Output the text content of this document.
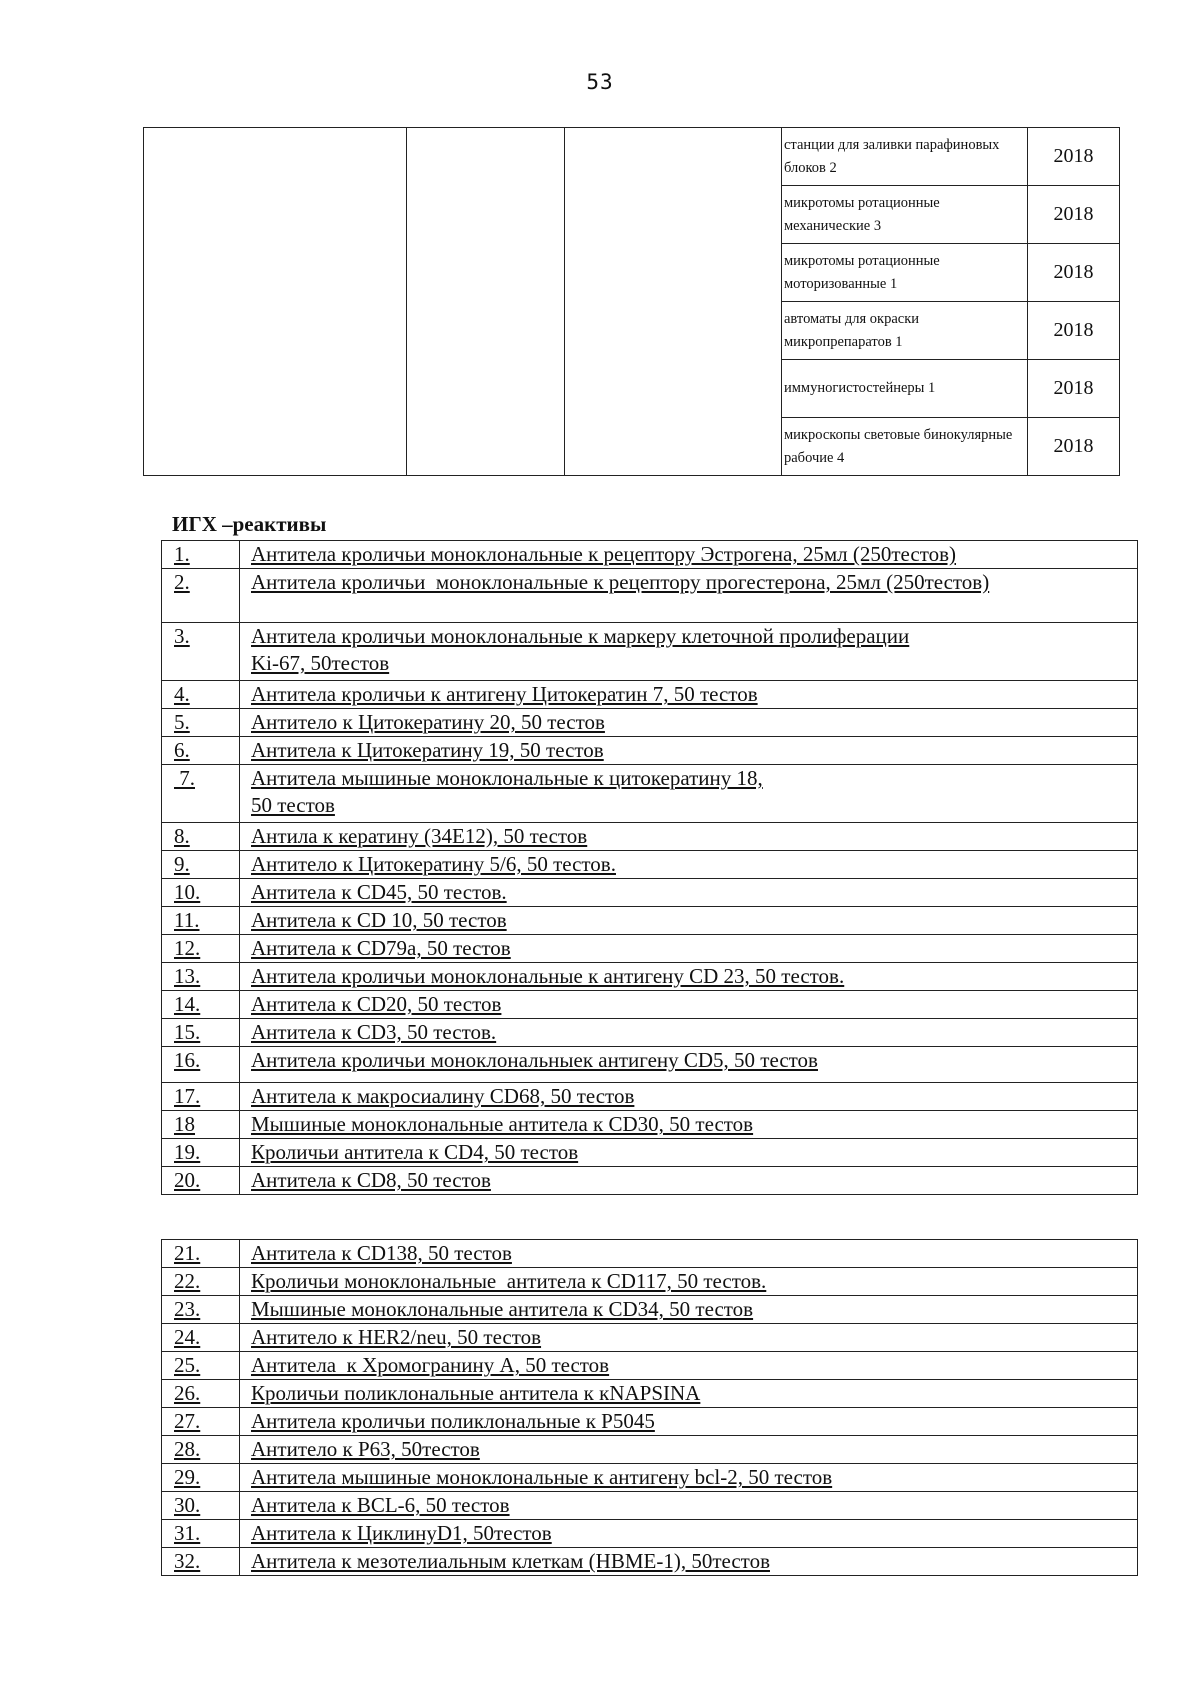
53
			станции для заливки парафиновых блоков 2	2018
			микротомы ротационные механические 3	2018
			микротомы ротационные моторизованные 1	2018
			автоматы для окраски микропрепаратов 1	2018
			иммуногистостейнеры 1	2018
			микроскопы световые бинокулярные рабочие 4	2018
ИГХ –реактивы
1.	Антитела кроличьи моноклональные к рецептору Эстрогена, 25мл (250тестов)
2.	Антитела кроличьи  моноклональные к рецептору прогестерона, 25мл (250тестов)
3.	Антитела кроличьи моноклональные к маркеру клеточной пролиферации
Ki-67, 50тестов
4.	Антитела кроличьи к антигену Цитокератин 7, 50 тестов
5.	Антитело к Цитокератину 20, 50 тестов
6.	Антитела к Цитокератину 19, 50 тестов
7.	Антитела мышиные моноклональные к цитокератину 18,
50 тестов
8.	Антила к кератину (34E12), 50 тестов
9.	Антитело к Цитокератину 5/6, 50 тестов.
10.	Антитела к CD45, 50 тестов.
11.	Антитела к CD 10, 50 тестов
12.	Антитела к CD79a, 50 тестов
13.	Антитела кроличьи моноклональные к антигену CD 23, 50 тестов.
14.	Антитела к CD20, 50 тестов
15.	Антитела к CD3, 50 тестов.
16.	Антитела кроличьи моноклональныек антигену CD5, 50 тестов
17.	Антитела к макросиалину CD68, 50 тестов
18	Мышиные моноклональные антитела к CD30, 50 тестов
19.	Кроличьи антитела к CD4, 50 тестов
20.	Антитела к CD8, 50 тестов
21.	Антитела к CD138, 50 тестов
22.	Кроличьи моноклональные  антитела к CD117, 50 тестов.
23.	Мышиные моноклональные антитела к CD34, 50 тестов
24.	Антитело к HER2/neu, 50 тестов
25.	Антитела  к Хромогранину А, 50 тестов
26.	Кроличьи поликлональные антитела к кNAPSINA
27.	Антитела кроличьи поликлональные к P5045
28.	Антитело к P63, 50тестов
29.	Антитела мышиные моноклональные к антигену bcl-2, 50 тестов
30.	Антитела к BCL-6, 50 тестов
31.	Антитела к ЦиклинуD1, 50тестов
32.	Антитела к мезотелиальным клеткам (HBME-1), 50тестов
